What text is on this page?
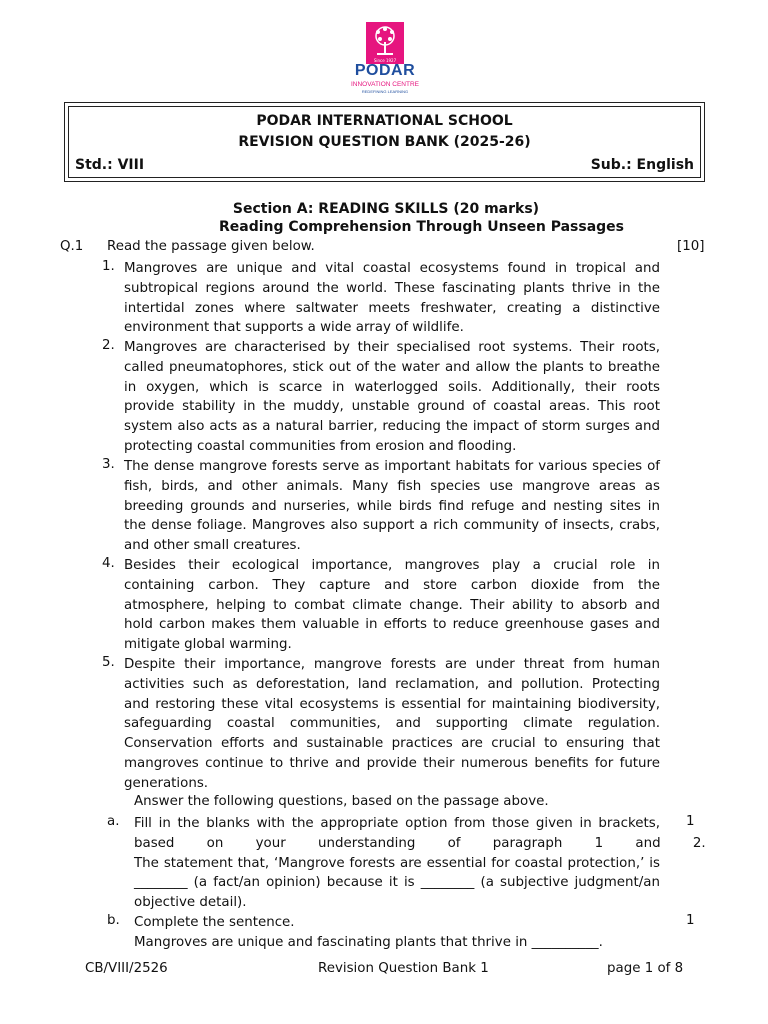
Since 1927
PODAR
INNOVATION CENTRE
REDEFINING LEARNING
PODAR INTERNATIONAL SCHOOL
REVISION QUESTION BANK (2025-26)
Std.: VIII	Sub.: English
Section A: READING SKILLS (20 marks)
Reading Comprehension Through Unseen Passages
Q.1 Read the passage given below.	[10]
1. Mangroves are unique and vital coastal ecosystems found in tropical and
subtropical regions around the world. These fascinating plants thrive in the
intertidal zones where saltwater meets freshwater, creating a distinctive
environment that supports a wide array of wildlife.
2. Mangroves are characterised by their specialised root systems. Their roots,
called pneumatophores, stick out of the water and allow the plants to breathe
in oxygen, which is scarce in waterlogged soils. Additionally, their roots
provide stability in the muddy, unstable ground of coastal areas. This root
system also acts as a natural barrier, reducing the impact of storm surges and
protecting coastal communities from erosion and flooding.
3. The dense mangrove forests serve as important habitats for various species of
fish, birds, and other animals. Many fish species use mangrove areas as
breeding grounds and nurseries, while birds find refuge and nesting sites in
the dense foliage. Mangroves also support a rich community of insects, crabs,
and other small creatures.
4. Besides their ecological importance, mangroves play a crucial role in
containing carbon. They capture and store carbon dioxide from the
atmosphere, helping to combat climate change. Their ability to absorb and
hold carbon makes them valuable in efforts to reduce greenhouse gases and
mitigate global warming.
5. Despite their importance, mangrove forests are under threat from human
activities such as deforestation, land reclamation, and pollution. Protecting
and restoring these vital ecosystems is essential for maintaining biodiversity,
safeguarding coastal communities, and supporting climate regulation.
Conservation efforts and sustainable practices are crucial to ensuring that
mangroves continue to thrive and provide their numerous benefits for future
generations.
Answer the following questions, based on the passage above.
a. Fill in the blanks with the appropriate option from those given in brackets,
based on your understanding of paragraph 1 and 2.
The statement that, ‘Mangrove forests are essential for coastal protection,’ is
________ (a fact/an opinion) because it is ________ (a subjective judgment/an
objective detail).
1
b. Complete the sentence.
Mangroves are unique and fascinating plants that thrive in __________.
1
CB/VIII/2526	Revision Question Bank 1	page 1 of 8
